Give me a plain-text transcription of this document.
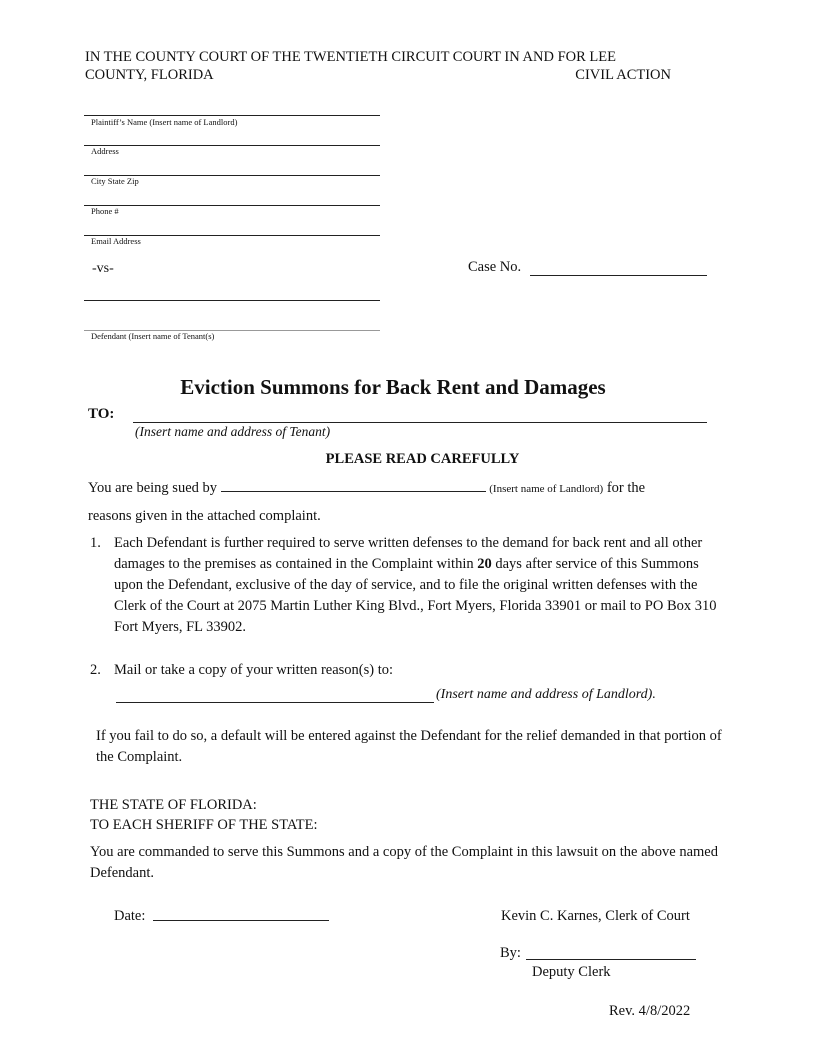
IN THE COUNTY COURT OF THE TWENTIETH CIRCUIT COURT IN AND FOR LEE
COUNTY, FLORIDA	CIVIL ACTION
Plaintiff’s Name (Insert name of Landlord)
Address
City State Zip
Phone #
Email Address
-vs-	Case No.
Defendant (Insert name of Tenant(s)
Eviction Summons for Back Rent and Damages
TO:
(Insert name and address of Tenant)
PLEASE READ CAREFULLY
You are being sued by	(Insert name of Landlord) for the
reasons given in the attached complaint.
1. Each Defendant is further required to serve written defenses to the demand for back rent and all other damages to the premises as contained in the Complaint within 20 days after service of this Summons upon the Defendant, exclusive of the day of service, and to file the original written defenses with the Clerk of the Court at 2075 Martin Luther King Blvd., Fort Myers, Florida 33901 or mail to PO Box 310 Fort Myers, FL 33902.
2. Mail or take a copy of your written reason(s) to:
(Insert name and address of Landlord).
If you fail to do so, a default will be entered against the Defendant for the relief demanded in that portion of the Complaint.
THE STATE OF FLORIDA:
TO EACH SHERIFF OF THE STATE:
You are commanded to serve this Summons and a copy of the Complaint in this lawsuit on the above named Defendant.
Date:	Kevin C. Karnes, Clerk of Court
By:
Deputy Clerk
Rev. 4/8/2022
